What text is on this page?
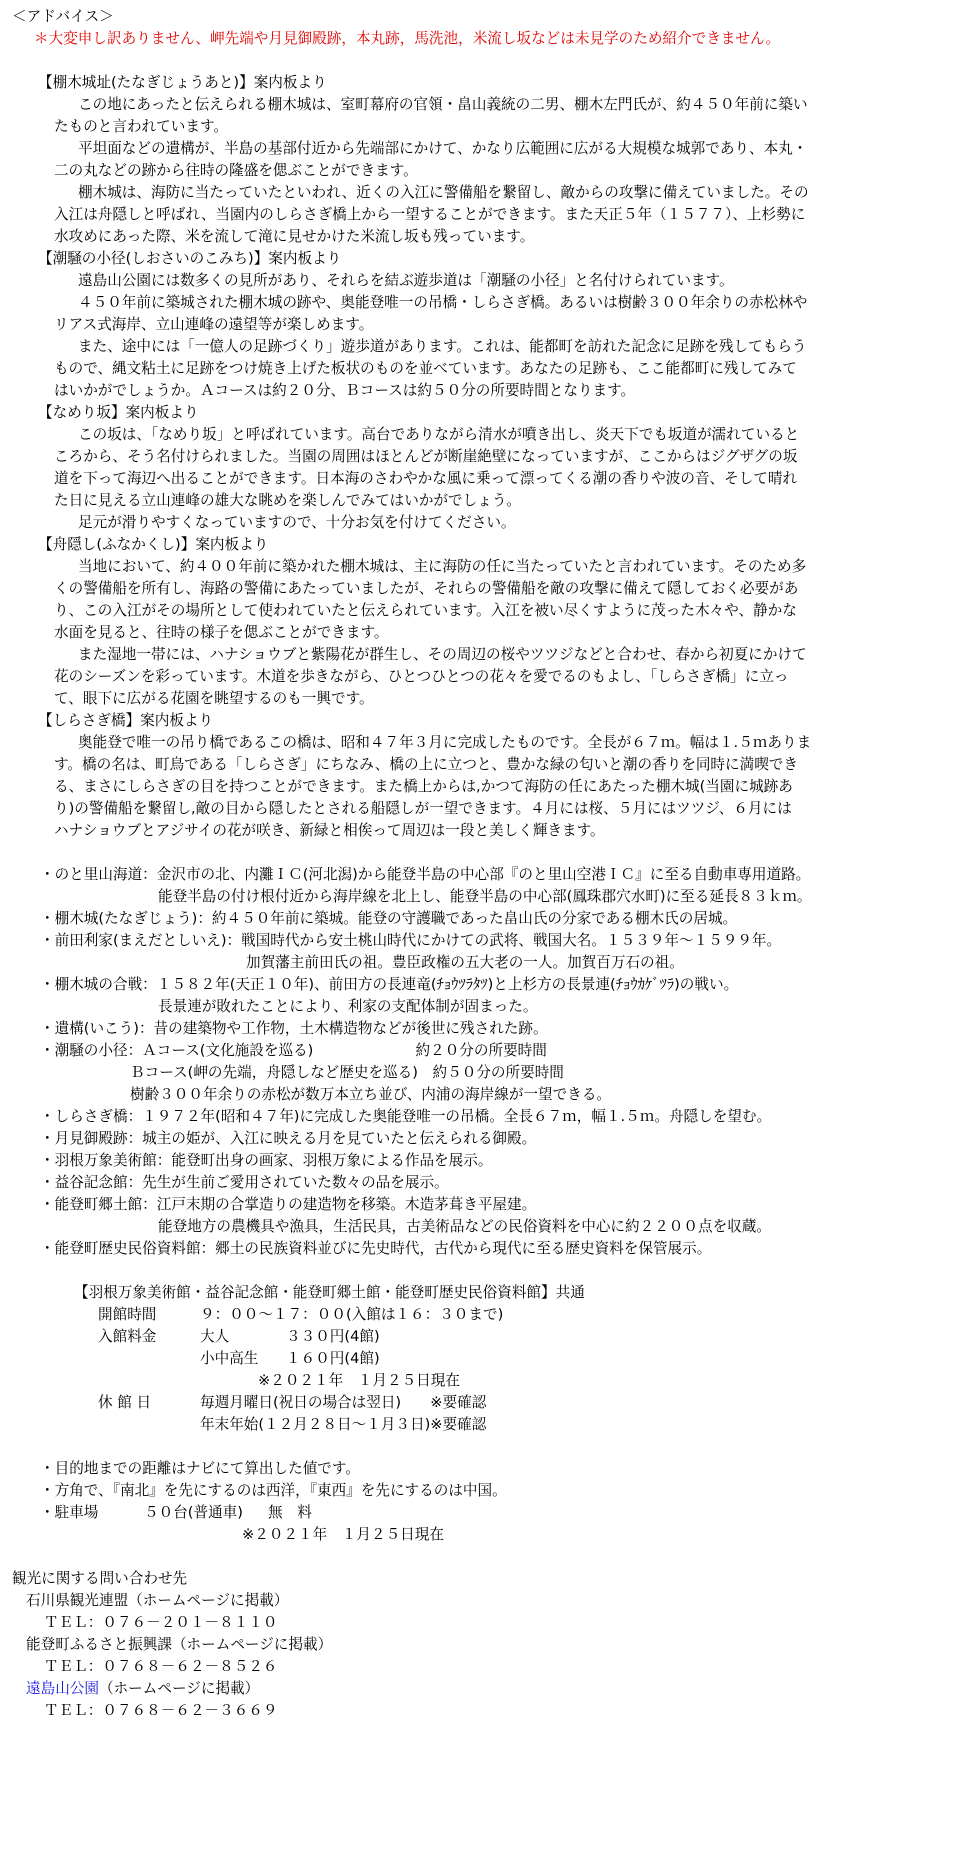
＜アドバイス＞

＊大変申し訳ありません、岬先端や月見御殿跡，本丸跡，馬洗池，米流し坂などは未見学のため紹介できません。

【棚木城址(たなぎじょうあと)】案内板より

この地にあったと伝えられる棚木城は、室町幕府の官領・畠山義統の二男、棚木左門氏が、約４５０年前に築い

たものと言われています。

平坦面などの遺構が、半島の基部付近から先端部にかけて、かなり広範囲に広がる大規模な城郭であり、本丸・

二の丸などの跡から往時の隆盛を偲ぶことができます。

棚木城は、海防に当たっていたといわれ、近くの入江に警備船を繋留し、敵からの攻撃に備えていました。その

入江は舟隠しと呼ばれ、当園内のしらさぎ橋上から一望することができます。また天正５年（１５７７）、上杉勢に

水攻めにあった際、米を流して滝に見せかけた米流し坂も残っています。

【潮騒の小径(しおさいのこみち)】案内板より

遠島山公園には数多くの見所があり、それらを結ぶ遊歩道は「潮騒の小径」と名付けられています。

４５０年前に築城された棚木城の跡や、奥能登唯一の吊橋・しらさぎ橋。あるいは樹齢３００年余りの赤松林や

リアス式海岸、立山連峰の遠望等が楽しめます。

また、途中には「一億人の足跡づくり」遊歩道があります。これは、能都町を訪れた記念に足跡を残してもらう

もので、縄文粘土に足跡をつけ焼き上げた板状のものを並べています。あなたの足跡も、ここ能都町に残してみて

はいかがでしょうか。Ａコースは約２０分、Ｂコースは約５０分の所要時間となります。

【なめり坂】案内板より

この坂は、「なめり坂」と呼ばれています。高台でありながら清水が噴き出し、炎天下でも坂道が濡れていると

ころから、そう名付けられました。当園の周囲はほとんどが断崖絶壁になっていますが、ここからはジグザグの坂

道を下って海辺へ出ることができます。日本海のさわやかな風に乗って漂ってくる潮の香りや波の音、そして晴れ

た日に見える立山連峰の雄大な眺めを楽しんでみてはいかがでしょう。

足元が滑りやすくなっていますので、十分お気を付けてください。

【舟隠し(ふなかくし)】案内板より

当地において、約４００年前に築かれた棚木城は、主に海防の任に当たっていたと言われています。そのため多

くの警備船を所有し、海路の警備にあたっていましたが、それらの警備船を敵の攻撃に備えて隠しておく必要があ

り、この入江がその場所として使われていたと伝えられています。入江を被い尽くすように茂った木々や、静かな

水面を見ると、往時の様子を偲ぶことができます。

また湿地一帯には、ハナショウブと紫陽花が群生し、その周辺の桜やツツジなどと合わせ、春から初夏にかけて

花のシーズンを彩っています。木道を歩きながら、ひとつひとつの花々を愛でるのもよし、「しらさぎ橋」に立っ

て、眼下に広がる花園を眺望するのも一興です。

【しらさぎ橋】案内板より

奥能登で唯一の吊り橋であるこの橋は、昭和４７年３月に完成したものです。全長が６７ｍ。幅は１.５ｍありま

す。橋の名は、町鳥である「しらさぎ」にちなみ、橋の上に立つと、豊かな緑の匂いと潮の香りを同時に満喫でき

る、まさにしらさぎの目を持つことができます。また橋上からは,かつて海防の任にあたった棚木城(当園に城跡あ

り)の警備船を繋留し,敵の目から隠したとされる船隠しが一望できます。４月には桜、５月にはツツジ、６月には

ハナショウブとアジサイの花が咲き、新緑と相俟って周辺は一段と美しく輝きます。

・のと里山海道：金沢市の北、内灘ＩＣ(河北潟)から能登半島の中心部『のと里山空港ＩＣ』に至る自動車専用道路。

能登半島の付け根付近から海岸線を北上し、能登半島の中心部(鳳珠郡穴水町)に至る延長８３ｋｍ。

・棚木城(たなぎじょう)：約４５０年前に築城。能登の守護職であった畠山氏の分家である棚木氏の居城。

・前田利家(まえだとしいえ)：戦国時代から安土桃山時代にかけての武将、戦国大名。１５３９年～１５９９年。

加賀藩主前田氏の祖。豊臣政権の五大老の一人。加賀百万石の祖。

・棚木城の合戦：１５８２年(天正１０年)、前田方の長連竜(ﾁｮｳﾂﾗﾀﾂ)と上杉方の長景連(ﾁｮｳｶｹﾞﾂﾗ)の戦い。

長景連が敗れたことにより、利家の支配体制が固まった。

・遺構(いこう)：昔の建築物や工作物，土木構造物などが後世に残された跡。

・潮騒の小径：Ａコース(文化施設を巡る)　　　　　　　約２０分の所要時間

Ｂコース(岬の先端，舟隠しなど歴史を巡る)　約５０分の所要時間

樹齢３００年余りの赤松が数万本立ち並び、内浦の海岸線が一望できる。

・しらさぎ橋：１９７２年(昭和４７年)に完成した奥能登唯一の吊橋。全長６７ｍ，幅１.５ｍ。舟隠しを望む。

・月見御殿跡：城主の姫が、入江に映える月を見ていたと伝えられる御殿。

・羽根万象美術館：能登町出身の画家、羽根万象による作品を展示。

・益谷記念館：先生が生前ご愛用されていた数々の品を展示。

・能登町郷土館：江戸末期の合掌造りの建造物を移築。木造茅葺き平屋建。

能登地方の農機具や漁具，生活民具，古美術品などの民俗資料を中心に約２２００点を収蔵。

・能登町歴史民俗資料館：郷土の民族資料並びに先史時代，古代から現代に至る歴史資料を保管展示。

【羽根万象美術館・益谷記念館・能登町郷土館・能登町歴史民俗資料館】共通

開館時間	９：００～１７：００(入館は１６：３０まで)
入館料金	大人	３３０円(4館)
小中高生	１６０円(4館)
※２０２１年　１月２５日現在
休 館 日	毎週月曜日(祝日の場合は翌日)　　※要確認
年末年始(１２月２８日～１月３日)※要確認

・目的地までの距離はナビにて算出した値です。

・方角で、『南北』を先にするのは西洋，『東西』を先にするのは中国。

・駐車場	５０台(普通車)	無　料

※２０２１年　１月２５日現在

観光に関する問い合わせ先

石川県観光連盟（ホームページに掲載）

ＴＥＬ：０７６－２０１－８１１０

能登町ふるさと振興課（ホームページに掲載）

ＴＥＬ：０７６８－６２－８５２６

遠島山公園（ホームページに掲載）

ＴＥＬ：０７６８－６２－３６６９
